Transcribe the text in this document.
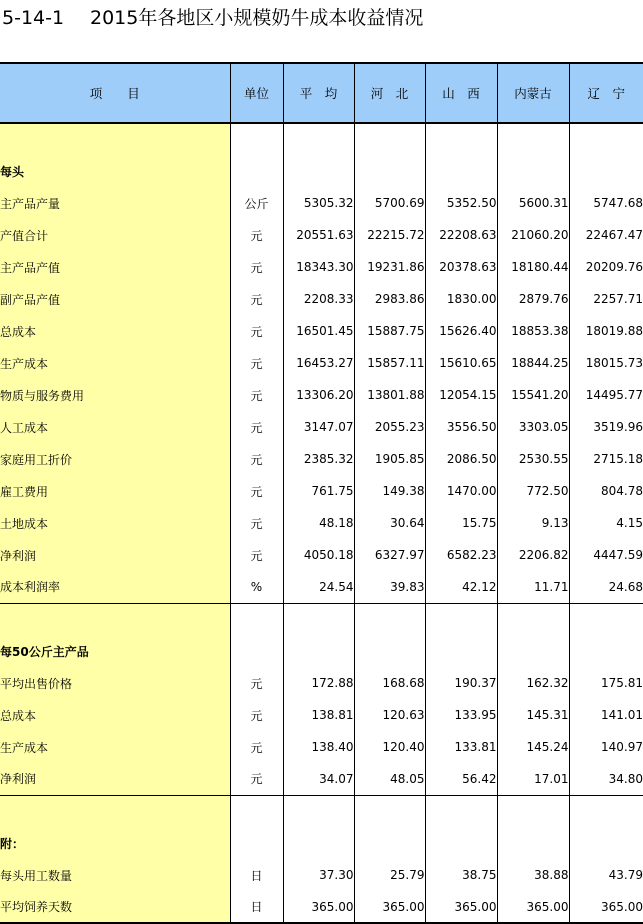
5-14-1 2015年各地区小规模奶牛成本收益情况
项　　目	单位	平　均	河　北	山　西	内蒙古	辽　宁

每头						
主产品产量	公斤	5305.32	5700.69	5352.50	5600.31	5747.68
产值合计	元	20551.63	22215.72	22208.63	21060.20	22467.47
主产品产值	元	18343.30	19231.86	20378.63	18180.44	20209.76
副产品产值	元	2208.33	2983.86	1830.00	2879.76	2257.71
总成本	元	16501.45	15887.75	15626.40	18853.38	18019.88
生产成本	元	16453.27	15857.11	15610.65	18844.25	18015.73
物质与服务费用	元	13306.20	13801.88	12054.15	15541.20	14495.77
人工成本	元	3147.07	2055.23	3556.50	3303.05	3519.96
家庭用工折价	元	2385.32	1905.85	2086.50	2530.55	2715.18
雇工费用	元	761.75	149.38	1470.00	772.50	804.78
土地成本	元	48.18	30.64	15.75	9.13	4.15
净利润	元	4050.18	6327.97	6582.23	2206.82	4447.59
成本利润率	%	24.54	39.83	42.12	11.71	24.68

每50公斤主产品						
平均出售价格	元	172.88	168.68	190.37	162.32	175.81
总成本	元	138.81	120.63	133.95	145.31	141.01
生产成本	元	138.40	120.40	133.81	145.24	140.97
净利润	元	34.07	48.05	56.42	17.01	34.80

附：						
每头用工数量	日	37.30	25.79	38.75	38.88	43.79
平均饲养天数	日	365.00	365.00	365.00	365.00	365.00
